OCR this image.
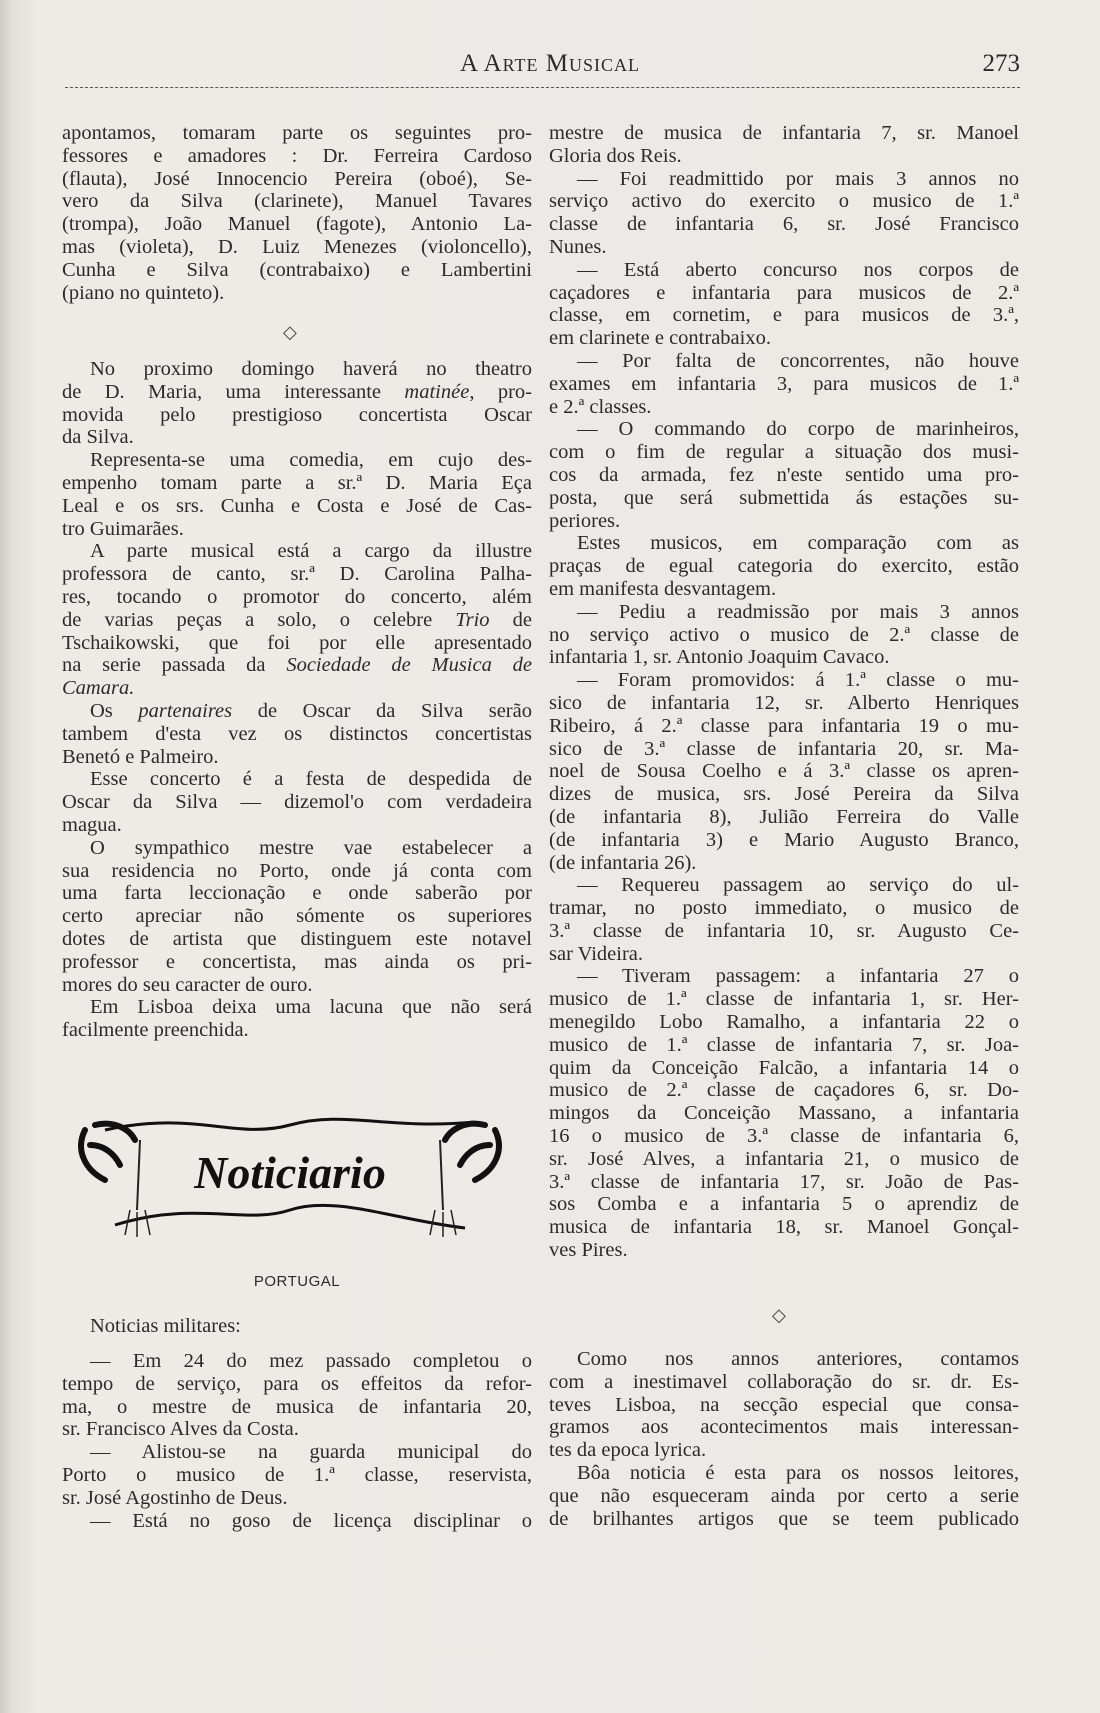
A Arte Musical	273
apontamos, tomaram parte os seguintes pro-
fessores e amadores : Dr. Ferreira Cardoso
(flauta), José Innocencio Pereira (oboé), Se-
vero da Silva (clarinete), Manuel Tavares
(trompa), João Manuel (fagote), Antonio La-
mas (violeta), D. Luiz Menezes (violoncello),
Cunha e Silva (contrabaixo) e Lambertini
(piano no quinteto).
◇
No proximo domingo haverá no theatro
de D. Maria, uma interessante matinée, pro-
movida pelo prestigioso concertista Oscar
da Silva.
Representa-se uma comedia, em cujo des-
empenho tomam parte a sr.ª D. Maria Eça
Leal e os srs. Cunha e Costa e José de Cas-
tro Guimarães.
A parte musical está a cargo da illustre
professora de canto, sr.ª D. Carolina Palha-
res, tocando o promotor do concerto, além
de varias peças a solo, o celebre Trio de
Tschaikowski, que foi por elle apresentado
na serie passada da Sociedade de Musica de
Camara.
Os partenaires de Oscar da Silva serão
tambem d'esta vez os distinctos concertistas
Benetó e Palmeiro.
Esse concerto é a festa de despedida de
Oscar da Silva — dizemol'o com verdadeira
magua.
O sympathico mestre vae estabelecer a
sua residencia no Porto, onde já conta com
uma farta leccionação e onde saberão por
certo apreciar não sómente os superiores
dotes de artista que distinguem este notavel
professor e concertista, mas ainda os pri-
mores do seu caracter de ouro.
Em Lisboa deixa uma lacuna que não será
facilmente preenchida.
Noticiario
PORTUGAL
Noticias militares:
— Em 24 do mez passado completou o
tempo de serviço, para os effeitos da refor-
ma, o mestre de musica de infantaria 20,
sr. Francisco Alves da Costa.
— Alistou-se na guarda municipal do
Porto o musico de 1.ª classe, reservista,
sr. José Agostinho de Deus.
— Está no goso de licença disciplinar o
mestre de musica de infantaria 7, sr. Manoel
Gloria dos Reis.
— Foi readmittido por mais 3 annos no
serviço activo do exercito o musico de 1.ª
classe de infantaria 6, sr. José Francisco
Nunes.
— Está aberto concurso nos corpos de
caçadores e infantaria para musicos de 2.ª
classe, em cornetim, e para musicos de 3.ª,
em clarinete e contrabaixo.
— Por falta de concorrentes, não houve
exames em infantaria 3, para musicos de 1.ª
e 2.ª classes.
— O commando do corpo de marinheiros,
com o fim de regular a situação dos musi-
cos da armada, fez n'este sentido uma pro-
posta, que será submettida ás estações su-
periores.
Estes musicos, em comparação com as
praças de egual categoria do exercito, estão
em manifesta desvantagem.
— Pediu a readmissão por mais 3 annos
no serviço activo o musico de 2.ª classe de
infantaria 1, sr. Antonio Joaquim Cavaco.
— Foram promovidos: á 1.ª classe o mu-
sico de infantaria 12, sr. Alberto Henriques
Ribeiro, á 2.ª classe para infantaria 19 o mu-
sico de 3.ª classe de infantaria 20, sr. Ma-
noel de Sousa Coelho e á 3.ª classe os apren-
dizes de musica, srs. José Pereira da Silva
(de infantaria 8), Julião Ferreira do Valle
(de infantaria 3) e Mario Augusto Branco,
(de infantaria 26).
— Requereu passagem ao serviço do ul-
tramar, no posto immediato, o musico de
3.ª classe de infantaria 10, sr. Augusto Ce-
sar Videira.
— Tiveram passagem: a infantaria 27 o
musico de 1.ª classe de infantaria 1, sr. Her-
menegildo Lobo Ramalho, a infantaria 22 o
musico de 1.ª classe de infantaria 7, sr. Joa-
quim da Conceição Falcão, a infantaria 14 o
musico de 2.ª classe de caçadores 6, sr. Do-
mingos da Conceição Massano, a infantaria
16 o musico de 3.ª classe de infantaria 6,
sr. José Alves, a infantaria 21, o musico de
3.ª classe de infantaria 17, sr. João de Pas-
sos Comba e a infantaria 5 o aprendiz de
musica de infantaria 18, sr. Manoel Gonçal-
ves Pires.
◇
Como nos annos anteriores, contamos
com a inestimavel collaboração do sr. dr. Es-
teves Lisboa, na secção especial que consa-
gramos aos acontecimentos mais interessan-
tes da epoca lyrica.
Bôa noticia é esta para os nossos leitores,
que não esqueceram ainda por certo a serie
de brilhantes artigos que se teem publicado
